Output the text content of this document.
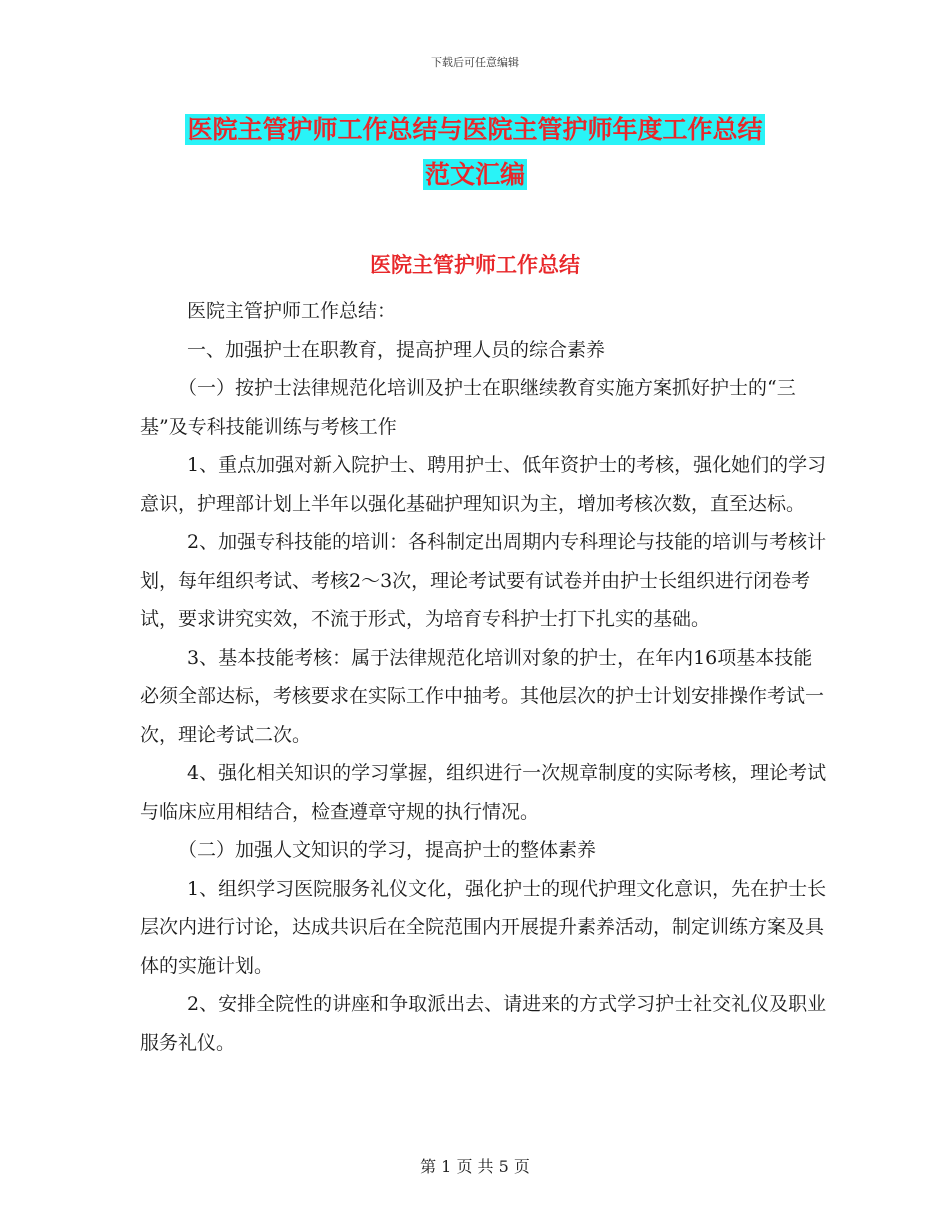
下载后可任意编辑
医院主管护师工作总结与医院主管护师年度工作总结
范文汇编
医院主管护师工作总结

医院主管护师工作总结：

一、加强护士在职教育，提高护理人员的综合素养

（一）按护士法律规范化培训及护士在职继续教育实施方案抓好护士的“三基”及专科技能训练与考核工作

1、重点加强对新入院护士、聘用护士、低年资护士的考核，强化她们的学习意识，护理部计划上半年以强化基础护理知识为主，增加考核次数，直至达标。

2、加强专科技能的培训：各科制定出周期内专科理论与技能的培训与考核计划，每年组织考试、考核2～3次，理论考试要有试卷并由护士长组织进行闭卷考试，要求讲究实效，不流于形式，为培育专科护士打下扎实的基础。

3、基本技能考核：属于法律规范化培训对象的护士，在年内16项基本技能必须全部达标，考核要求在实际工作中抽考。其他层次的护士计划安排操作考试一次，理论考试二次。

4、强化相关知识的学习掌握，组织进行一次规章制度的实际考核，理论考试与临床应用相结合，检查遵章守规的执行情况。

（二）加强人文知识的学习，提高护士的整体素养

1、组织学习医院服务礼仪文化，强化护士的现代护理文化意识，先在护士长层次内进行讨论，达成共识后在全院范围内开展提升素养活动，制定训练方案及具体的实施计划。

2、安排全院性的讲座和争取派出去、请进来的方式学习护士社交礼仪及职业服务礼仪。

第 1 页 共 5 页
